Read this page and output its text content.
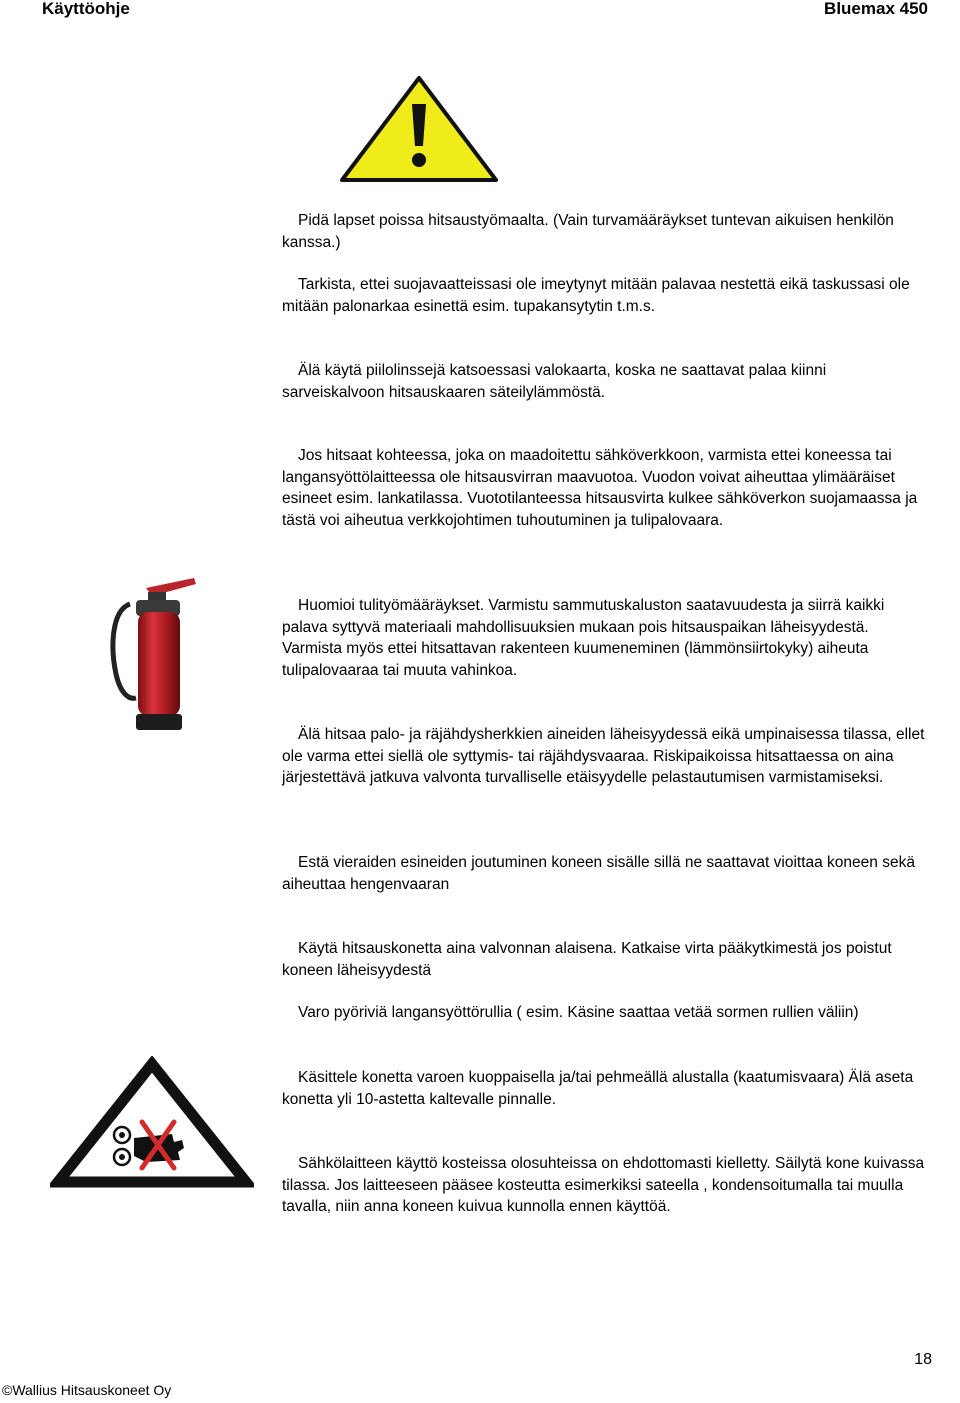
Käyttöohje	Bluemax 450

Pidä lapset poissa hitsaustyömaalta. (Vain turvamääräykset tuntevan aikuisen henkilön kanssa.)

Tarkista, ettei suojavaatteissasi ole imeytynyt mitään palavaa nestettä eikä taskussasi ole mitään palonarkaa esinettä esim. tupakansytytin t.m.s.

Älä käytä piilolinssejä katsoessasi valokaarta, koska ne saattavat palaa kiinni sarveiskalvoon hitsauskaaren säteilylämmöstä.

Jos hitsaat kohteessa, joka on maadoitettu sähköverkkoon, varmista ettei koneessa tai langansyöttölaitteessa ole hitsausvirran maavuotoa. Vuodon voivat aiheuttaa ylimääräiset esineet esim. lankatilassa. Vuototilanteessa hitsausvirta kulkee sähköverkon suojamaassa ja tästä voi aiheutua verkkojohtimen tuhoutuminen ja tulipalovaara.

Huomioi tulityömääräykset. Varmistu sammutuskaluston saatavuudesta ja siirrä kaikki palava syttyvä materiaali mahdollisuuksien mukaan pois hitsauspaikan läheisyydestä. Varmista myös ettei hitsattavan rakenteen kuumeneminen (lämmönsiirtokyky) aiheuta tulipalovaaraa tai muuta vahinkoa.

Älä hitsaa palo- ja räjähdysherkkien aineiden läheisyydessä eikä umpinaisessa tilassa, ellet ole varma ettei siellä ole syttymis- tai räjähdysvaaraa. Riskipaikoissa hitsattaessa on aina järjestettävä jatkuva valvonta turvalliselle etäisyydelle pelastautumisen varmistamiseksi.

Estä vieraiden esineiden joutuminen koneen sisälle sillä ne saattavat vioittaa koneen sekä aiheuttaa hengenvaaran

Käytä hitsauskonetta aina valvonnan alaisena. Katkaise virta pääkytkimestä jos poistut koneen läheisyydestä

Varo pyöriviä langansyöttörullia ( esim. Käsine saattaa vetää sormen rullien väliin)

Käsittele konetta varoen kuoppaisella ja/tai pehmeällä alustalla (kaatumisvaara) Älä aseta konetta yli 10-astetta kaltevalle pinnalle.

Sähkölaitteen käyttö kosteissa olosuhteissa on ehdottomasti kielletty. Säilytä kone kuivassa tilassa. Jos laitteeseen pääsee kosteutta esimerkiksi sateella , kondensoitumalla tai muulla tavalla, niin anna koneen kuivua kunnolla ennen käyttöä.

18
©Wallius Hitsauskoneet Oy
